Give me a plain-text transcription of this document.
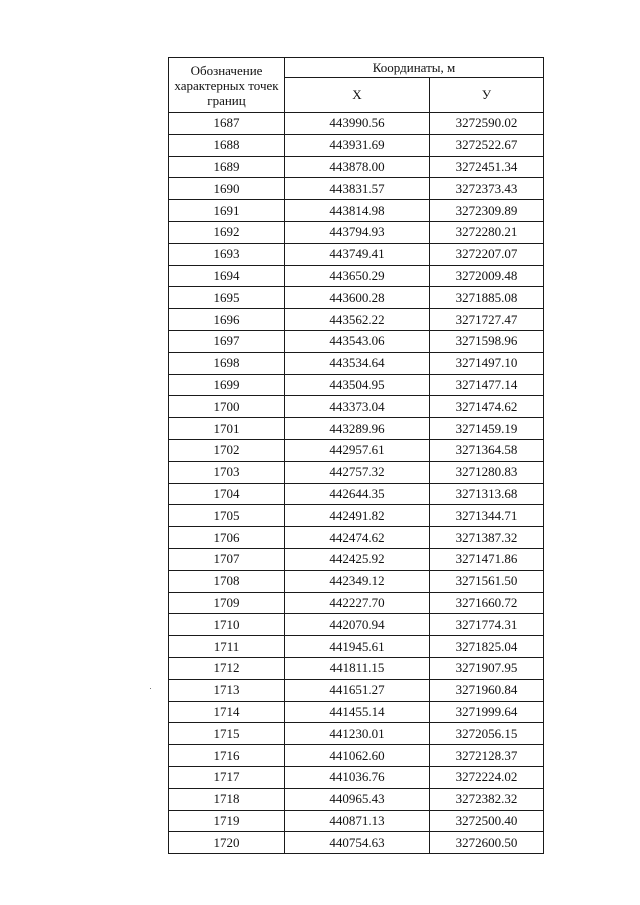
Обозначение характерных точек границ	Координаты, м	
	X	У
1687	443990.56	3272590.02
1688	443931.69	3272522.67
1689	443878.00	3272451.34
1690	443831.57	3272373.43
1691	443814.98	3272309.89
1692	443794.93	3272280.21
1693	443749.41	3272207.07
1694	443650.29	3272009.48
1695	443600.28	3271885.08
1696	443562.22	3271727.47
1697	443543.06	3271598.96
1698	443534.64	3271497.10
1699	443504.95	3271477.14
1700	443373.04	3271474.62
1701	443289.96	3271459.19
1702	442957.61	3271364.58
1703	442757.32	3271280.83
1704	442644.35	3271313.68
1705	442491.82	3271344.71
1706	442474.62	3271387.32
1707	442425.92	3271471.86
1708	442349.12	3271561.50
1709	442227.70	3271660.72
1710	442070.94	3271774.31
1711	441945.61	3271825.04
1712	441811.15	3271907.95
1713	441651.27	3271960.84
1714	441455.14	3271999.64
1715	441230.01	3272056.15
1716	441062.60	3272128.37
1717	441036.76	3272224.02
1718	440965.43	3272382.32
1719	440871.13	3272500.40
1720	440754.63	3272600.50
